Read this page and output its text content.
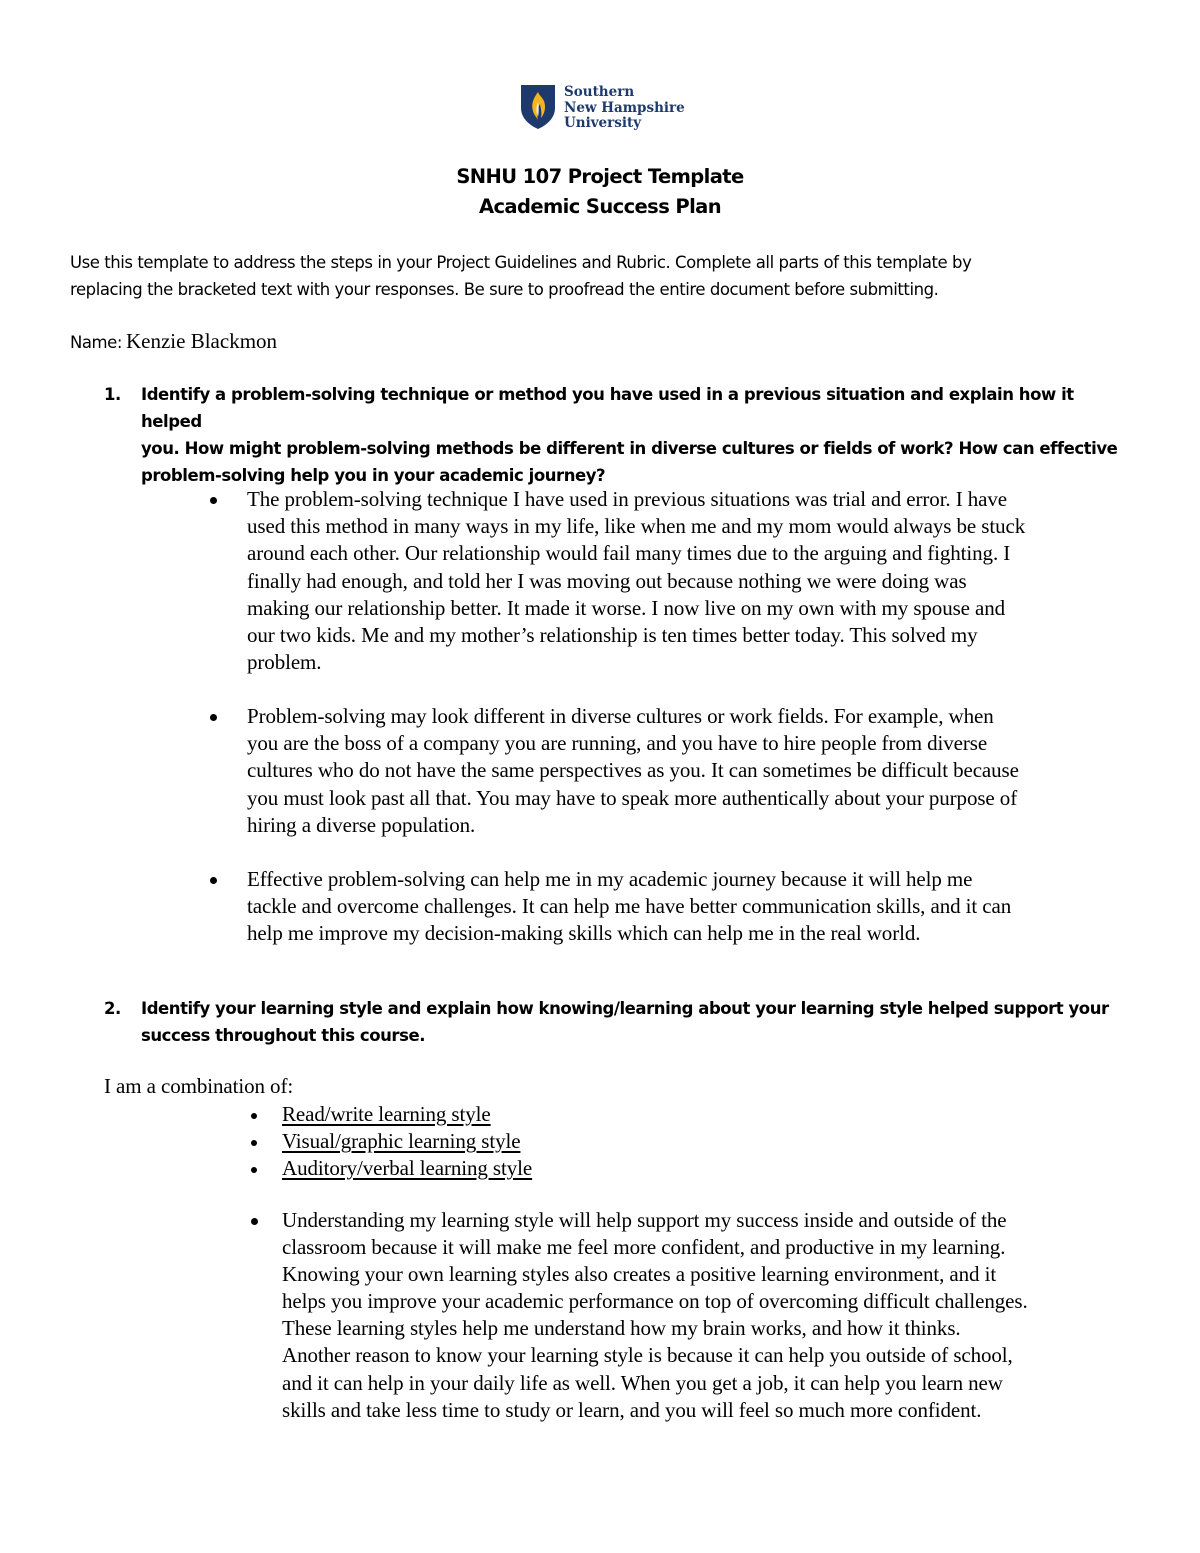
Southern
New Hampshire
University
SNHU 107 Project Template
Academic Success Plan
Use this template to address the steps in your Project Guidelines and Rubric. Complete all parts of this template by
replacing the bracketed text with your responses. Be sure to proofread the entire document before submitting.
Name: Kenzie Blackmon
1. Identify a problem-solving technique or method you have used in a previous situation and explain how it helped
you. How might problem-solving methods be different in diverse cultures or fields of work? How can effective
problem-solving help you in your academic journey?
The problem-solving technique I have used in previous situations was trial and error. I have
used this method in many ways in my life, like when me and my mom would always be stuck
around each other. Our relationship would fail many times due to the arguing and fighting. I
finally had enough, and told her I was moving out because nothing we were doing was
making our relationship better. It made it worse. I now live on my own with my spouse and
our two kids. Me and my mother’s relationship is ten times better today. This solved my
problem.
Problem-solving may look different in diverse cultures or work fields. For example, when
you are the boss of a company you are running, and you have to hire people from diverse
cultures who do not have the same perspectives as you. It can sometimes be difficult because
you must look past all that. You may have to speak more authentically about your purpose of
hiring a diverse population.
Effective problem-solving can help me in my academic journey because it will help me
tackle and overcome challenges. It can help me have better communication skills, and it can
help me improve my decision-making skills which can help me in the real world.
2. Identify your learning style and explain how knowing/learning about your learning style helped support your
success throughout this course.
I am a combination of:
Read/write learning style
Visual/graphic learning style
Auditory/verbal learning style
Understanding my learning style will help support my success inside and outside of the
classroom because it will make me feel more confident, and productive in my learning.
Knowing your own learning styles also creates a positive learning environment, and it
helps you improve your academic performance on top of overcoming difficult challenges.
These learning styles help me understand how my brain works, and how it thinks.
Another reason to know your learning style is because it can help you outside of school,
and it can help in your daily life as well. When you get a job, it can help you learn new
skills and take less time to study or learn, and you will feel so much more confident.
